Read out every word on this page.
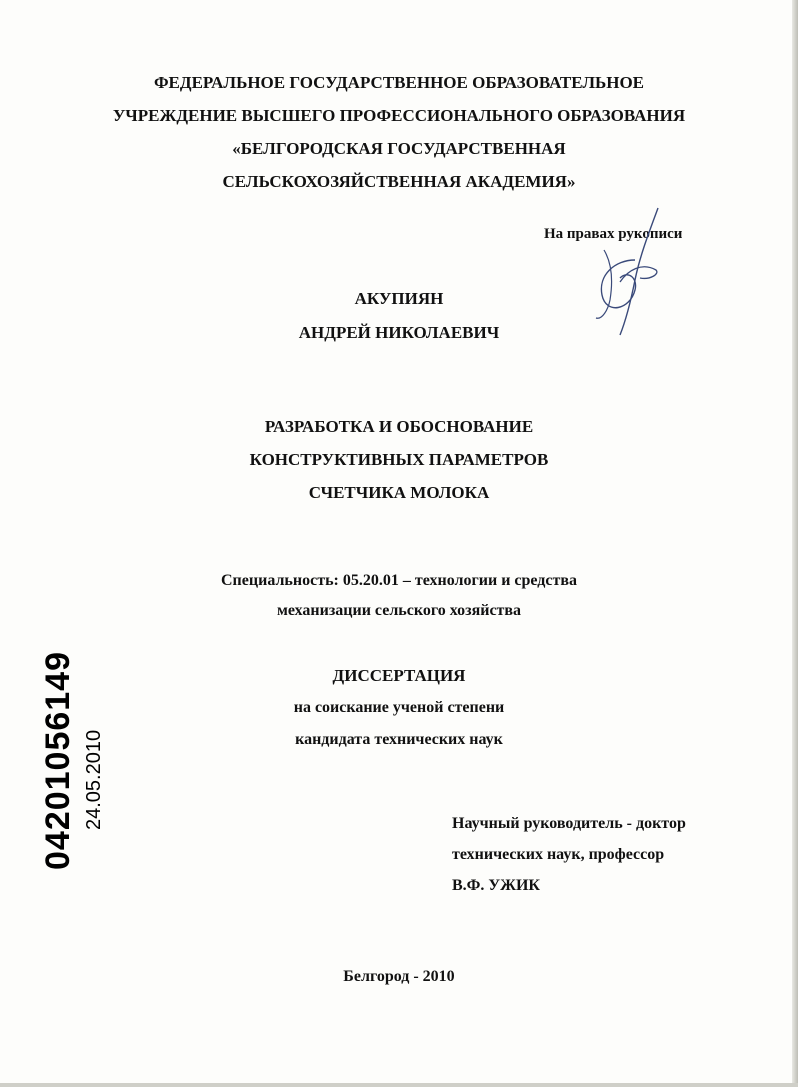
ФЕДЕРАЛЬНОЕ ГОСУДАРСТВЕННОЕ ОБРАЗОВАТЕЛЬНОЕ
УЧРЕЖДЕНИЕ ВЫСШЕГО ПРОФЕССИОНАЛЬНОГО ОБРАЗОВАНИЯ
«БЕЛГОРОДСКАЯ ГОСУДАРСТВЕННАЯ
СЕЛЬСКОХОЗЯЙСТВЕННАЯ АКАДЕМИЯ»
На правах рукописи
АКУПИЯН
АНДРЕЙ НИКОЛАЕВИЧ
РАЗРАБОТКА И ОБОСНОВАНИЕ
КОНСТРУКТИВНЫХ ПАРАМЕТРОВ
СЧЕТЧИКА МОЛОКА
Специальность: 05.20.01 – технологии и средства
механизации сельского хозяйства
ДИССЕРТАЦИЯ
на соискание ученой степени
кандидата технических наук
04201056149 24.05.2010	Научный руководитель - доктор
технических наук, профессор
В.Ф. УЖИК
Белгород - 2010
